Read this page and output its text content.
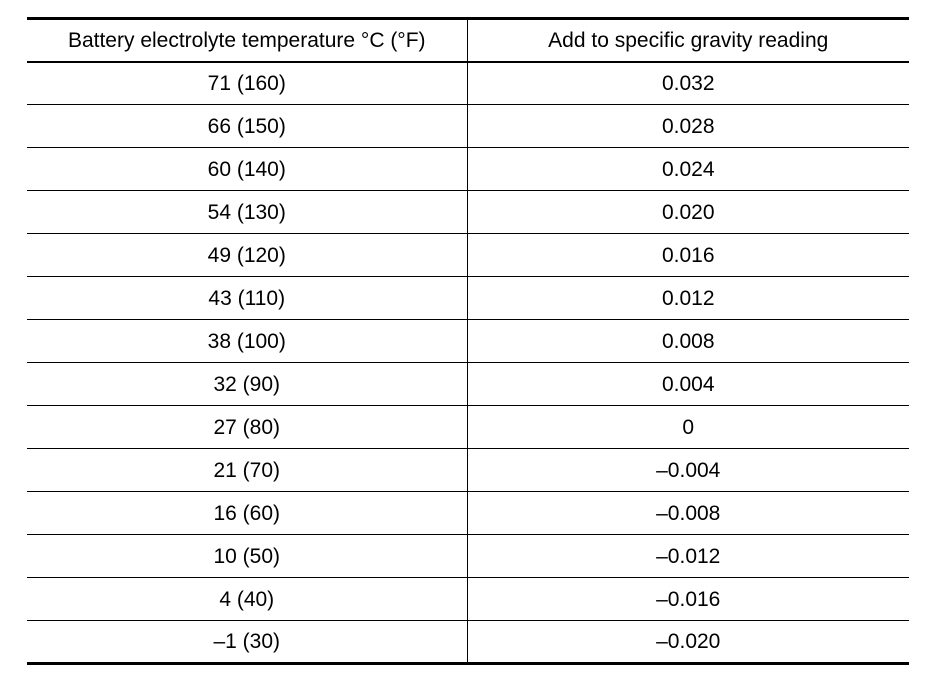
Battery electrolyte temperature °C (°F)	Add to specific gravity reading
71 (160)	0.032
66 (150)	0.028
60 (140)	0.024
54 (130)	0.020
49 (120)	0.016
43 (110)	0.012
38 (100)	0.008
32 (90)	0.004
27 (80)	0
21 (70)	–0.004
16 (60)	–0.008
10 (50)	–0.012
4 (40)	–0.016
–1 (30)	–0.020
